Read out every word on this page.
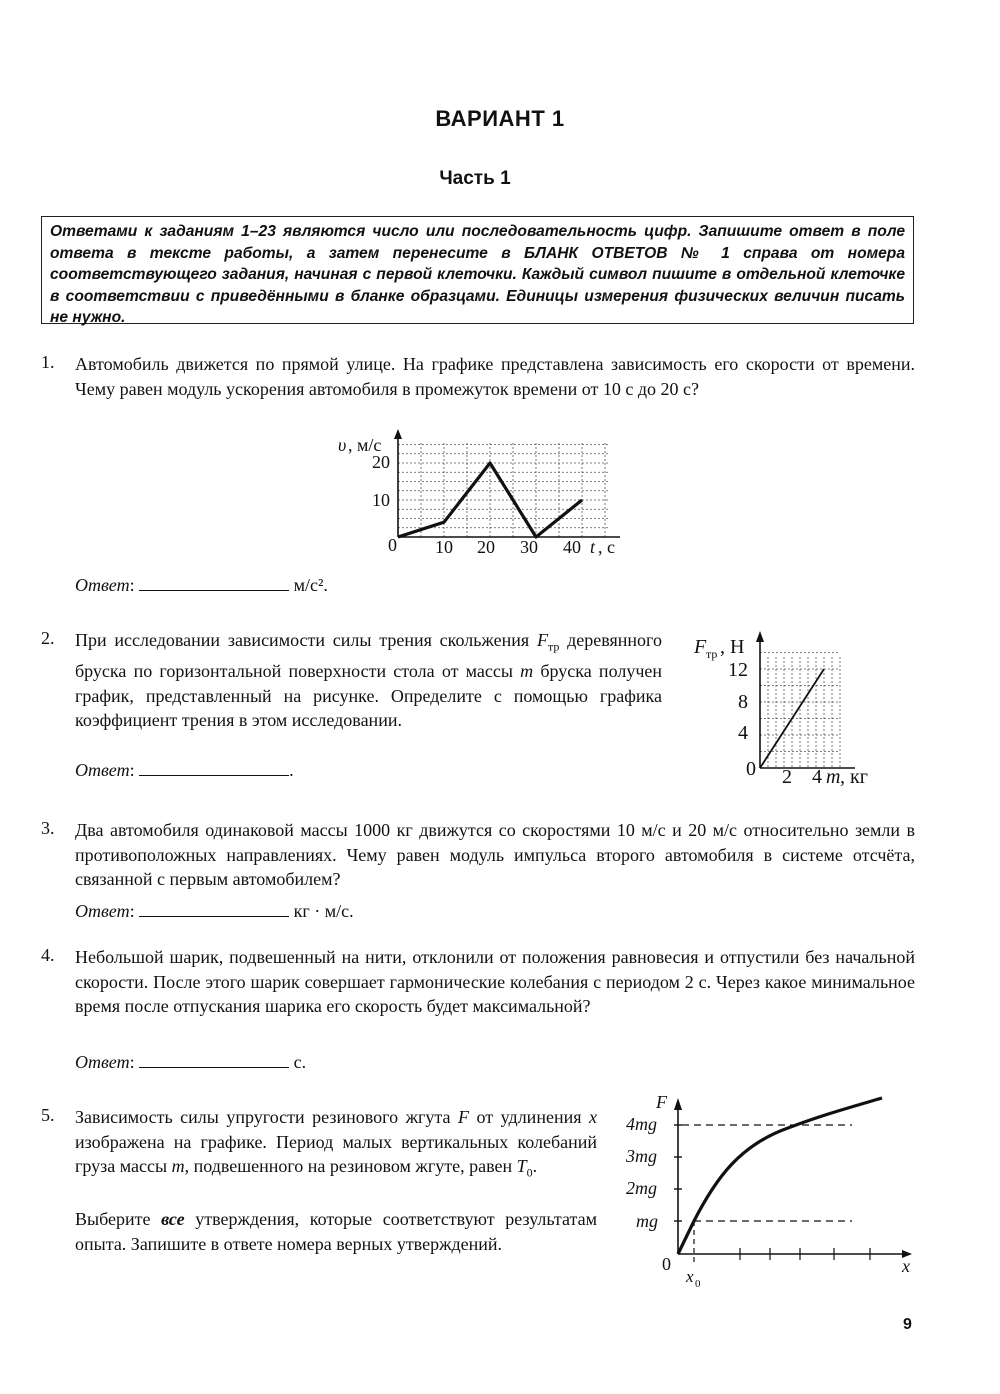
ВАРИАНТ 1
Часть 1
Ответами к заданиям 1–23 являются число или последовательность цифр. Запишите ответ в поле ответа в тексте работы, а затем перенесите в БЛАНК ОТВЕТОВ № 1 справа от номера соответствующего задания, начиная с первой клеточки. Каждый символ пишите в отдельной клеточке в соответствии с приведёнными в бланке образцами. Единицы измерения физических величин писать не нужно.
1. Автомобиль движется по прямой улице. На графике представлена зависимость его скорости от времени. Чему равен модуль ускорения автомобиля в промежуток времени от 10 с до 20 с?
υ , м/с
20
10
0 10 20 30 40 t , с
Ответ:	м/с².
2. При исследовании зависимости силы трения скольжения $F_{тр}$ деревянного бруска по горизонтальной поверхности стола от массы m бруска получен график, представленный на рисунке. Определите с помощью графика коэффициент трения в этом исследовании.
F тр , Н
12
8
4
0 2 4 m , кг
Ответ:	.
3. Два автомобиля одинаковой массы 1000 кг движутся со скоростями 10 м/с и 20 м/с относительно земли в противоположных направлениях. Чему равен модуль импульса второго автомобиля в системе отсчёта, связанной с первым автомобилем?
Ответ:	кг · м/с.
4. Небольшой шарик, подвешенный на нити, отклонили от положения равновесия и отпустили без начальной скорости. После этого шарик совершает гармонические колебания с периодом 2 с. Через какое минимальное время после отпускания шарика его скорость будет максимальной?
Ответ:	с.
5. Зависимость силы упругости резинового жгута F от удлинения x изображена на графике. Период малых вертикальных колебаний груза массы m, подвешенного на резиновом жгуте, равен $T_0$.
Выберите все утверждения, которые соответствуют результатам опыта. Запишите в ответе номера верных утверждений.
F
4mg
3mg
2mg
mg
0
x 0
x
9
